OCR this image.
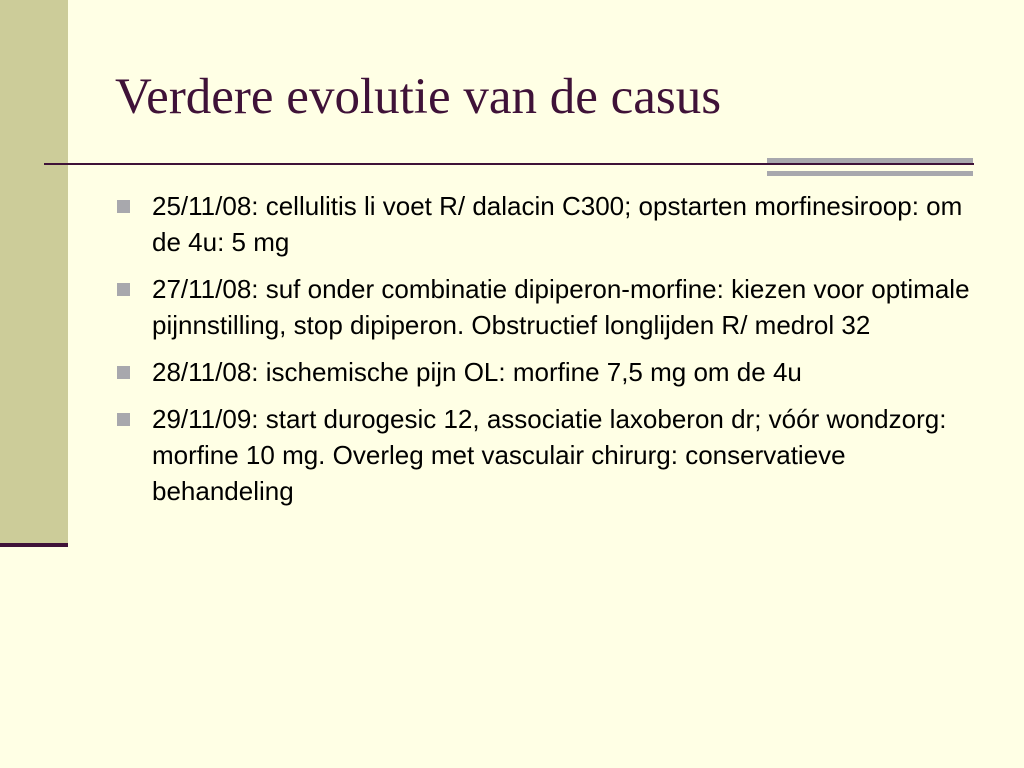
Verdere evolutie van de casus
25/11/08: cellulitis li voet R/ dalacin C300; opstarten morfinesiroop: om de 4u: 5 mg
27/11/08: suf onder combinatie dipiperon-morfine: kiezen voor optimale pijnnstilling, stop dipiperon. Obstructief longlijden R/ medrol 32
28/11/08: ischemische pijn OL: morfine 7,5 mg om de 4u
29/11/09: start durogesic 12, associatie laxoberon dr; vóór wondzorg: morfine 10 mg. Overleg met vasculair chirurg: conservatieve behandeling
